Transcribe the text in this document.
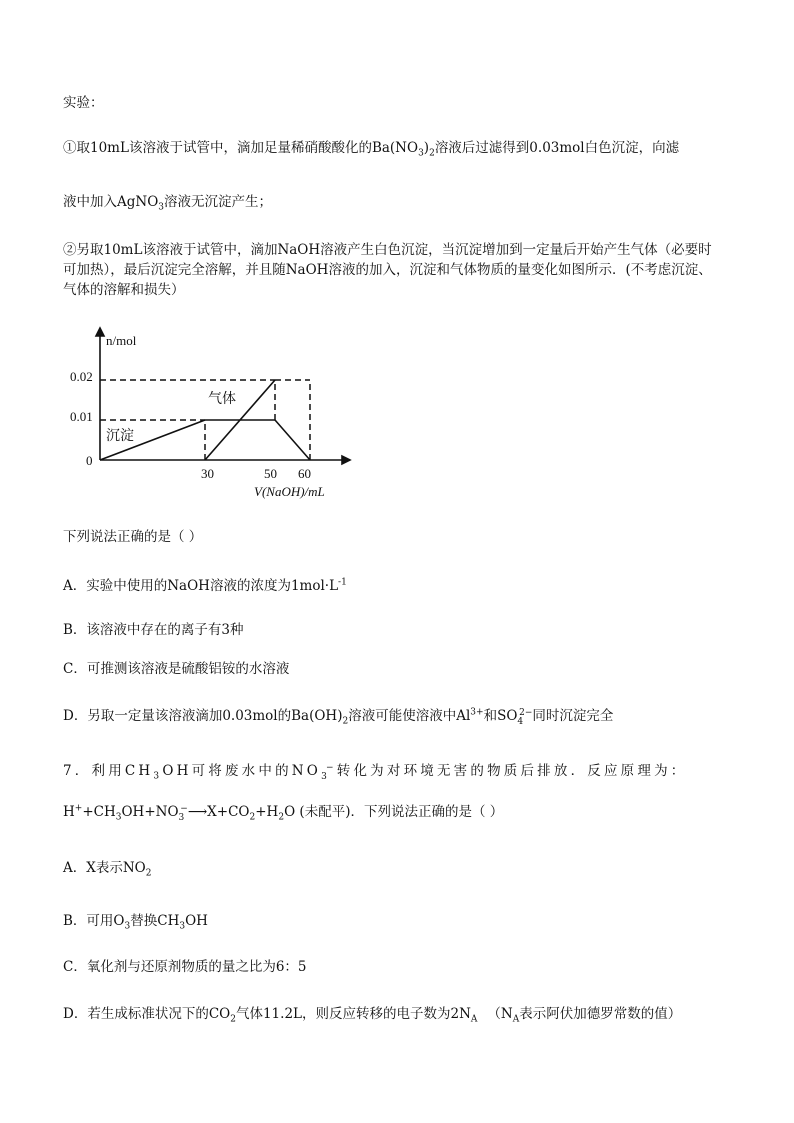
实验：
①取10mL该溶液于试管中，滴加足量稀硝酸酸化的$Ba(NO_3)_2$溶液后过滤得到0.03mol白色沉淀，向滤
液中加入AgNO$_3$溶液无沉淀产生；
②另取10mL该溶液于试管中，滴加NaOH溶液产生白色沉淀，当沉淀增加到一定量后开始产生气体（必要时可加热），最后沉淀完全溶解，并且随NaOH溶液的加入，沉淀和气体物质的量变化如图所示．(不考虑沉淀、气体的溶解和损失）
n/mol
0.02
0.01
0
30	50 60
V(NaOH)/mL
沉淀
气体
下列说法正确的是（ ）
A．实验中使用的NaOH溶液的浓度为$1mol\cdot L^{-1}$
B．该溶液中存在的离子有3种
C．可推测该溶液是硫酸铝铵的水溶液
D．另取一定量该溶液滴加0.03mol的$Ba(OH)_2$溶液可能使溶液中$Al^{3+}$和$SO_4^{2-}$同时沉淀完全
7．利用$CH_3OH$可将废水中的$NO_3^-$转化为对环境无害的物质后排放．反应原理为：
$H^++CH_3OH+NO_3^-⟶X+CO_2+H_2O$ (未配平)．下列说法正确的是（ ）
A．X表示$NO_2$
B．可用$O_3$替换$CH_3OH$
C．氧化剂与还原剂物质的量之比为6：5
D．若生成标准状况下的$CO_2$气体11.2L，则反应转移的电子数为$2N_A$ （$N_A$表示阿伏加德罗常数的值）
